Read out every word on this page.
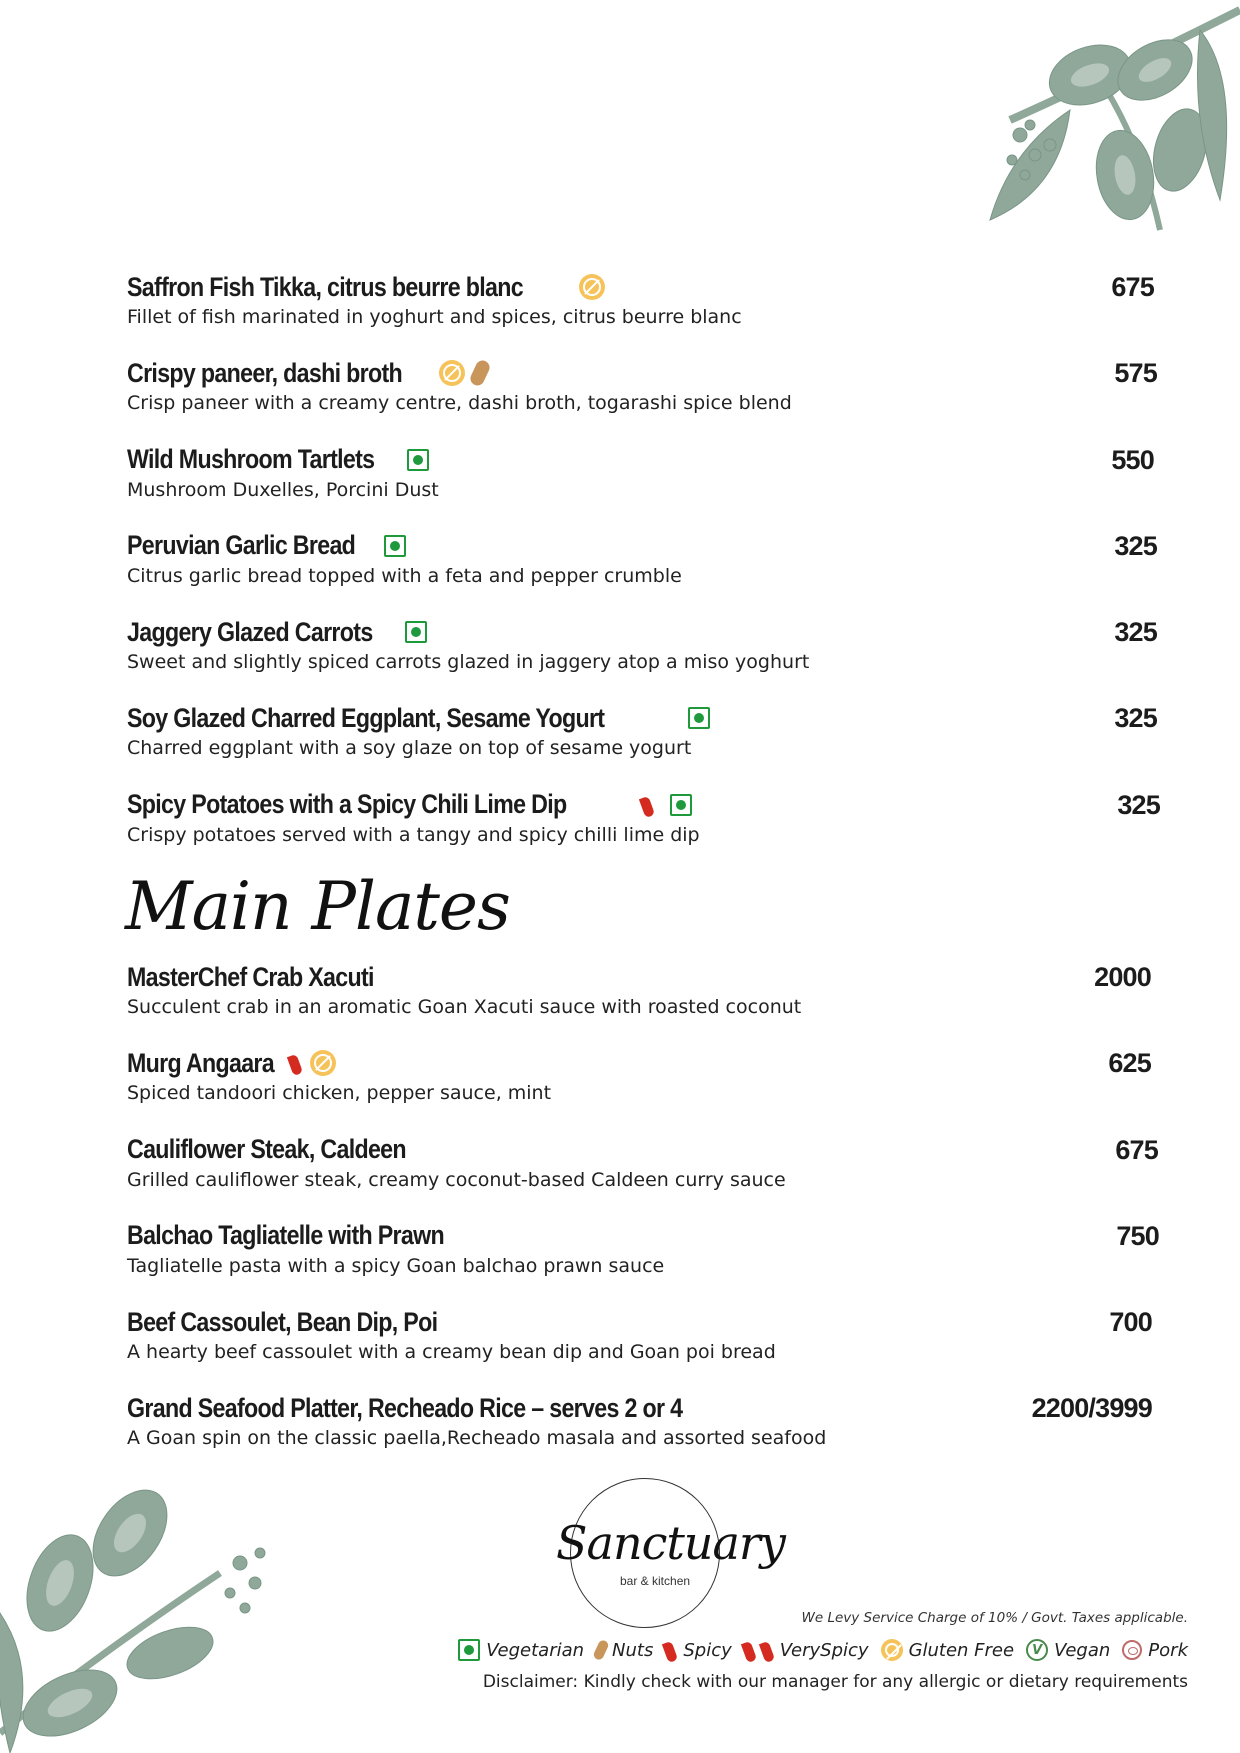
Saffron Fish Tikka, citrus beurre blanc	675
Fillet of fish marinated in yoghurt and spices, citrus beurre blanc
Crispy paneer, dashi broth	575
Crisp paneer with a creamy centre, dashi broth, togarashi spice blend
Wild Mushroom Tartlets	550
Mushroom Duxelles, Porcini Dust
Peruvian Garlic Bread	325
Citrus garlic bread topped with a feta and pepper crumble
Jaggery Glazed Carrots	325
Sweet and slightly spiced carrots glazed in jaggery atop a miso yoghurt
Soy Glazed Charred Eggplant, Sesame Yogurt	325
Charred eggplant with a soy glaze on top of sesame yogurt
Spicy Potatoes with a Spicy Chili Lime Dip	325
Crispy potatoes served with a tangy and spicy chilli lime dip
Main Plates
MasterChef Crab Xacuti	2000
Succulent crab in an aromatic Goan Xacuti sauce with roasted coconut
Murg Angaara	625
Spiced tandoori chicken, pepper sauce, mint
Cauliflower Steak, Caldeen	675
Grilled cauliflower steak, creamy coconut-based Caldeen curry sauce
Balchao Tagliatelle with Prawn	750
Tagliatelle pasta with a spicy Goan balchao prawn sauce
Beef Cassoulet, Bean Dip, Poi	700
A hearty beef cassoulet with a creamy bean dip and Goan poi bread
Grand Seafood Platter, Recheado Rice – serves 2 or 4	2200/3999
A Goan spin on the classic paella,Recheado masala and assorted seafood
Sanctuary
bar & kitchen
We Levy Service Charge of 10% / Govt. Taxes applicable.
Vegetarian Nuts Spicy	VerySpicy Gluten Free	V Vegan Pork
Disclaimer: Kindly check with our manager for any allergic or dietary requirements
